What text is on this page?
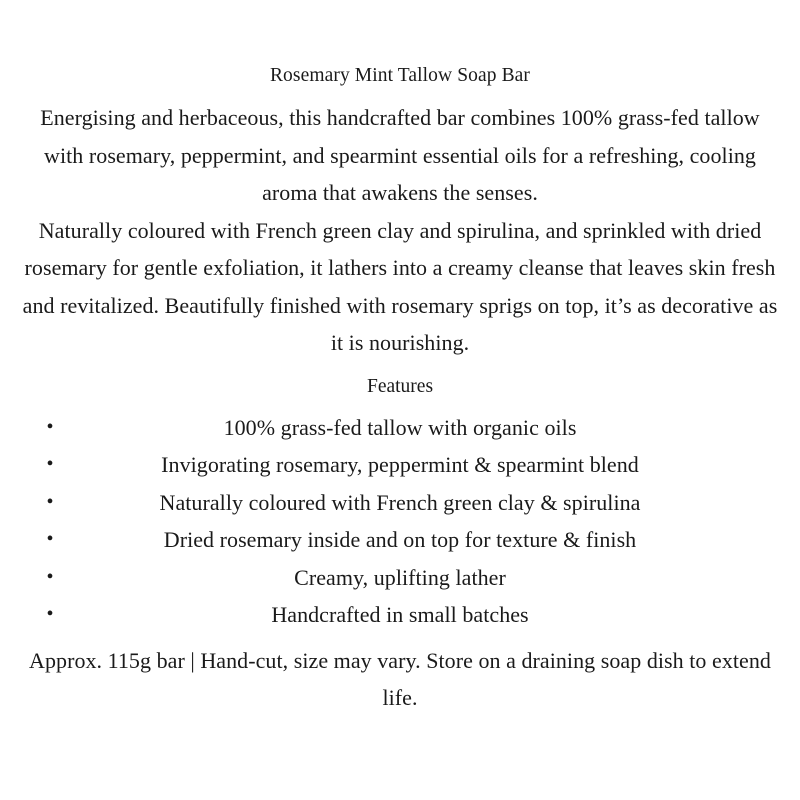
Rosemary Mint Tallow Soap Bar

Energising and herbaceous, this handcrafted bar combines 100% grass-fed tallow with rosemary, peppermint, and spearmint essential oils for a refreshing, cooling aroma that awakens the senses.

Naturally coloured with French green clay and spirulina, and sprinkled with dried rosemary for gentle exfoliation, it lathers into a creamy cleanse that leaves skin fresh and revitalized. Beautifully finished with rosemary sprigs on top, it’s as decorative as it is nourishing.

Features
•	100% grass-fed tallow with organic oils
•	Invigorating rosemary, peppermint & spearmint blend
•	Naturally coloured with French green clay & spirulina
•	Dried rosemary inside and on top for texture & finish
•	Creamy, uplifting lather
•	Handcrafted in small batches

Approx. 115g bar | Hand-cut, size may vary. Store on a draining soap dish to extend life.
